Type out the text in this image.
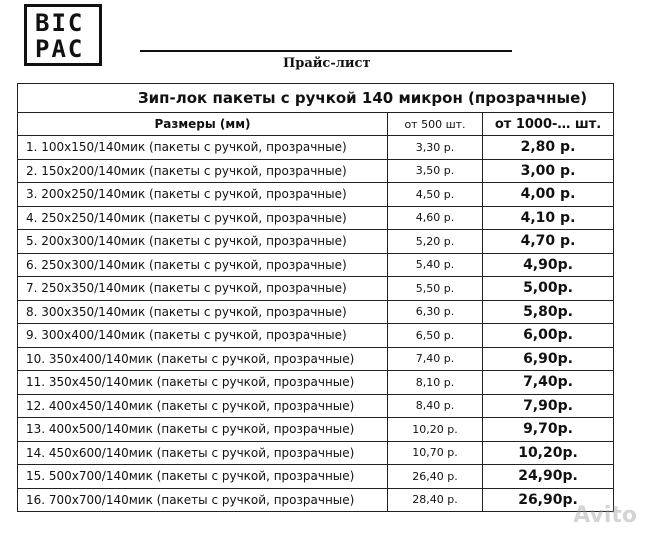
BIC
PAC
Прайс-лист
Зип-лок пакеты с ручкой 140 микрон (прозрачные)		
Размеры (мм)	от 500 шт.	от 1000-… шт.
1. 100х150/140мик (пакеты с ручкой, прозрачные)	3,30 р.	2,80 р.
2. 150х200/140мик (пакеты с ручкой, прозрачные)	3,50 р.	3,00 р.
3. 200х250/140мик (пакеты с ручкой, прозрачные)	4,50 р.	4,00 р.
4. 250х250/140мик (пакеты с ручкой, прозрачные)	4,60 р.	4,10 р.
5. 200х300/140мик (пакеты с ручкой, прозрачные)	5,20 р.	4,70 р.
6. 250х300/140мик (пакеты с ручкой, прозрачные)	5,40 р.	4,90р.
7. 250х350/140мик (пакеты с ручкой, прозрачные)	5,50 р.	5,00р.
8. 300х350/140мик (пакеты с ручкой, прозрачные)	6,30 р.	5,80р.
9. 300х400/140мик (пакеты с ручкой, прозрачные)	6,50 р.	6,00р.
10. 350х400/140мик (пакеты с ручкой, прозрачные)	7,40 р.	6,90р.
11. 350х450/140мик (пакеты с ручкой, прозрачные)	8,10 р.	7,40р.
12. 400х450/140мик (пакеты с ручкой, прозрачные)	8,40 р.	7,90р.
13. 400х500/140мик (пакеты с ручкой, прозрачные)	10,20 р.	9,70р.
14. 450х600/140мик (пакеты с ручкой, прозрачные)	10,70 р.	10,20р.
15. 500х700/140мик (пакеты с ручкой, прозрачные)	26,40 р.	24,90р.
16. 700х700/140мик (пакеты с ручкой, прозрачные)	28,40 р.	26,90р.
Avito
